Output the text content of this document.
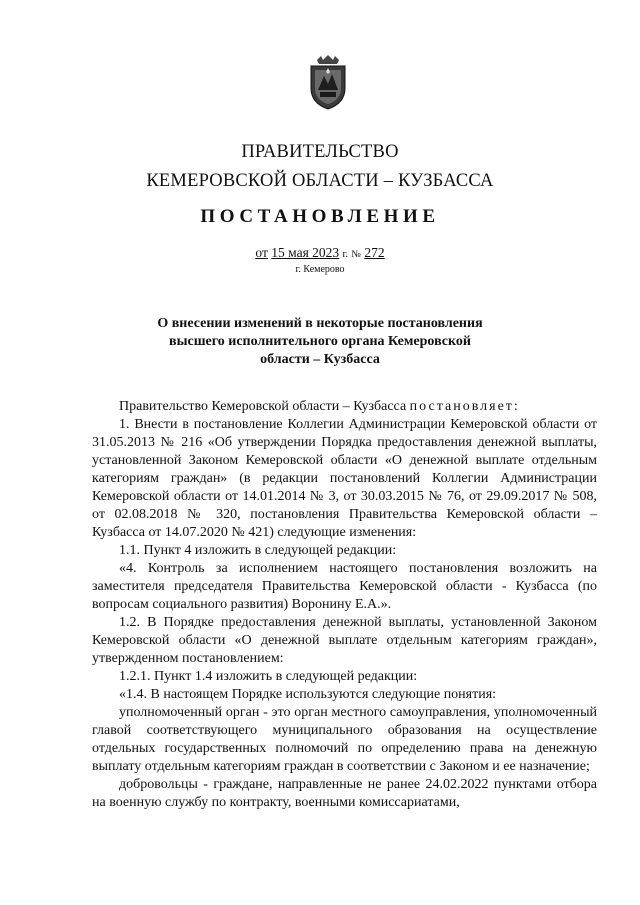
ПРАВИТЕЛЬСТВО
КЕМЕРОВСКОЙ ОБЛАСТИ – КУЗБАССА
ПОСТАНОВЛЕНИЕ
от 15 мая 2023 г. № 272
г. Кемерово
О внесении изменений в некоторые постановления
высшего исполнительного органа Кемеровской
области – Кузбасса

Правительство Кемеровской области – Кузбасса постановляет:

1. Внести в постановление Коллегии Администрации Кемеровской области от 31.05.2013 № 216 «Об утверждении Порядка предоставления денежной выплаты, установленной Законом Кемеровской области «О денежной выплате отдельным категориям граждан» (в редакции постановлений Коллегии Администрации Кемеровской области от 14.01.2014 № 3, от 30.03.2015 № 76, от 29.09.2017 № 508, от 02.08.2018 № 320, постановления Правительства Кемеровской области – Кузбасса от 14.07.2020 № 421) следующие изменения:

1.1. Пункт 4 изложить в следующей редакции:

«4. Контроль за исполнением настоящего постановления возложить на заместителя председателя Правительства Кемеровской области - Кузбасса (по вопросам социального развития) Воронину Е.А.».

1.2. В Порядке предоставления денежной выплаты, установленной Законом Кемеровской области «О денежной выплате отдельным категориям граждан», утвержденном постановлением:

1.2.1. Пункт 1.4 изложить в следующей редакции:

«1.4. В настоящем Порядке используются следующие понятия:

уполномоченный орган - это орган местного самоуправления, уполномоченный главой соответствующего муниципального образования на осуществление отдельных государственных полномочий по определению права на денежную выплату отдельным категориям граждан в соответствии с Законом и ее назначение;

добровольцы - граждане, направленные не ранее 24.02.2022 пунктами отбора на военную службу по контракту, военными комиссариатами,
